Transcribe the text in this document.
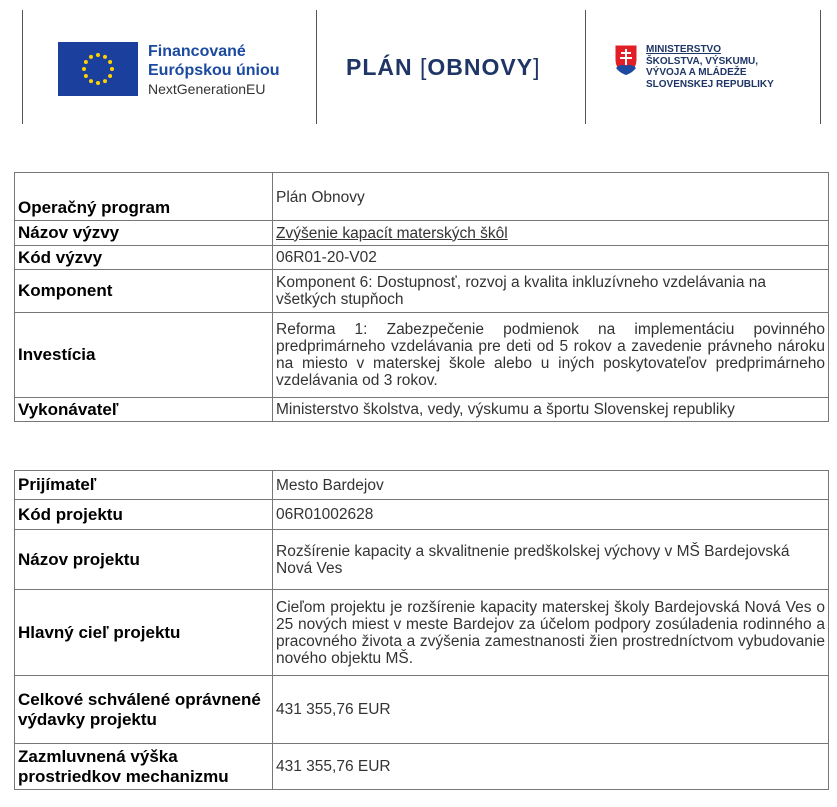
Financované
Európskou úniou
NextGenerationEU
PLÁN [OBNOVY]
MINISTERSTVO
ŠKOLSTVA, VÝSKUMU,
VÝVOJA A MLÁDEŽE
SLOVENSKEJ REPUBLIKY
Operačný program	Plán Obnovy
Názov výzvy	Zvýšenie kapacít materských škôl
Kód výzvy	06R01-20-V02
Komponent	Komponent 6: Dostupnosť, rozvoj a kvalita inkluzívneho vzdelávania na všetkých stupňoch
Investícia	Reforma 1: Zabezpečenie podmienok na implementáciu povinného predprimárneho vzdelávania pre deti od 5 rokov a zavedenie právneho nároku na miesto v materskej škole alebo u iných poskytovateľov predprimárneho vzdelávania od 3 rokov.
Vykonávateľ	Ministerstvo školstva, vedy, výskumu a športu Slovenskej republiky
Prijímateľ	Mesto Bardejov
Kód projektu	06R01002628
Názov projektu	Rozšírenie kapacity a skvalitnenie predškolskej výchovy v MŠ Bardejovská Nová Ves
Hlavný cieľ projektu	Cieľom projektu je rozšírenie kapacity materskej školy Bardejovská Nová Ves o 25 nových miest v meste Bardejov za účelom podpory zosúladenia rodinného a pracovného života a zvýšenia zamestnanosti žien prostredníctvom vybudovanie nového objektu MŠ.
Celkové schválené oprávnené výdavky projektu	431 355,76 EUR
Zazmluvnená výška prostriedkov mechanizmu	431 355,76 EUR
